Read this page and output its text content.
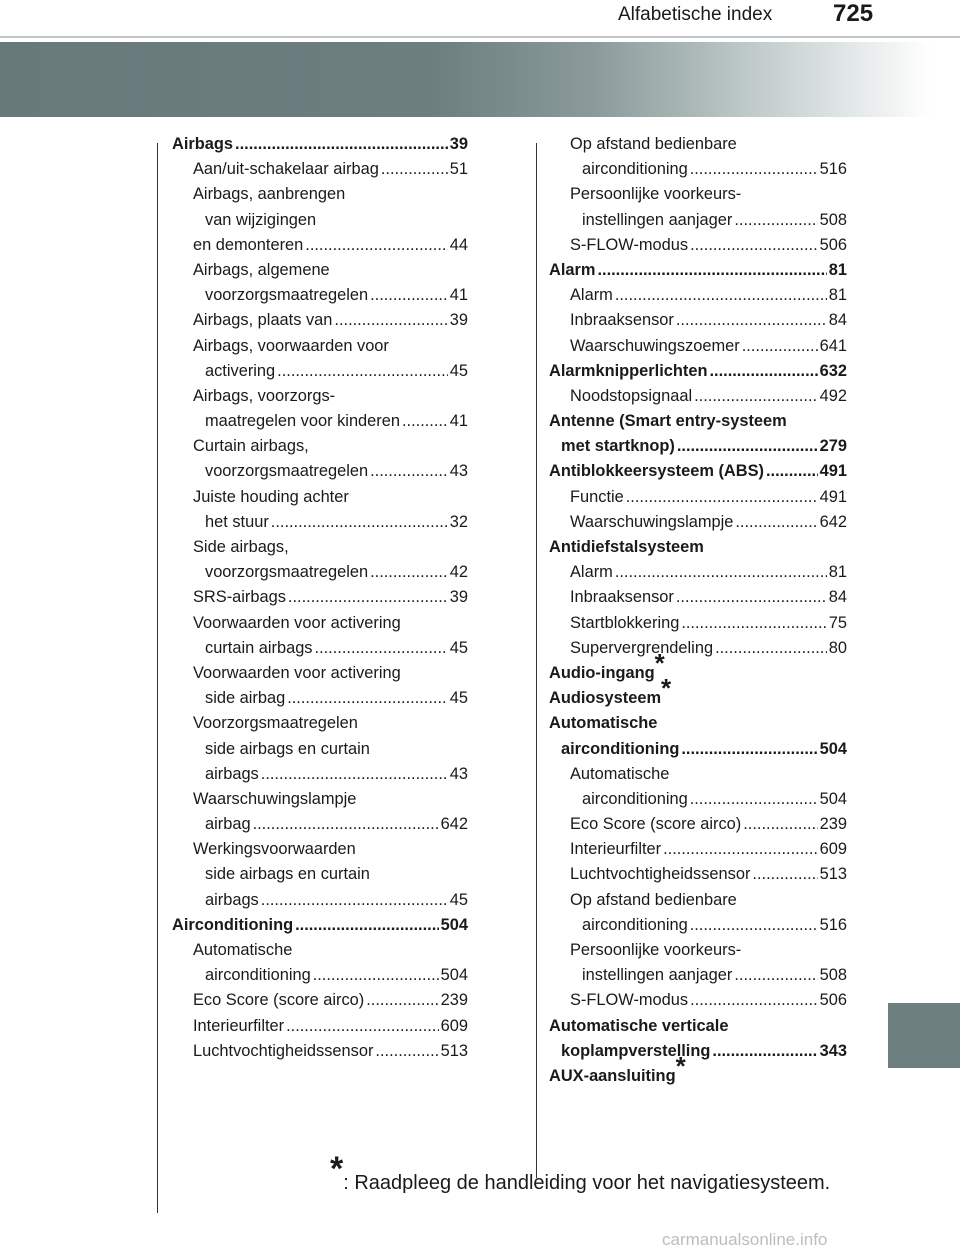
Alfabetische index	725
Airbags .....	39
Aan/uit-schakelaar airbag .....	51
Airbags, aanbrengen
van wijzigingen
en demonteren .....	44
Airbags, algemene
voorzorgsmaatregelen .....	41
Airbags, plaats van .....	39
Airbags, voorwaarden voor
activering .....	45
Airbags, voorzorgs-
maatregelen voor kinderen .....	41
Curtain airbags,
voorzorgsmaatregelen .....	43
Juiste houding achter
het stuur .....	32
Side airbags,
voorzorgsmaatregelen .....	42
SRS-airbags .....	39
Voorwaarden voor activering
curtain airbags .....	45
Voorwaarden voor activering
side airbag .....	45
Voorzorgsmaatregelen
side airbags en curtain
airbags .....	43
Waarschuwingslampje
airbag .....	642
Werkingsvoorwaarden
side airbags en curtain
airbags .....	45
Airconditioning .....	504
Automatische
airconditioning .....	504
Eco Score (score airco) .....	239
Interieurfilter .....	609
Luchtvochtigheidssensor .....	513
Op afstand bedienbare
airconditioning .....	516
Persoonlijke voorkeurs-
instellingen aanjager .....	508
S-FLOW-modus .....	506
Alarm .....	81
Alarm .....	81
Inbraaksensor .....	84
Waarschuwingszoemer .....	641
Alarmknipperlichten .....	632
Noodstopsignaal .....	492
Antenne (Smart entry-systeem
met startknop) .....	279
Antiblokkeersysteem (ABS) .....	491
Functie .....	491
Waarschuwingslampje .....	642
Antidiefstalsysteem
Alarm .....	81
Inbraaksensor .....	84
Startblokkering .....	75
Supervergrendeling .....	80
Audio-ingang *
Audiosysteem *
Automatische
airconditioning .....	504
Automatische
airconditioning .....	504
Eco Score (score airco) .....	239
Interieurfilter .....	609
Luchtvochtigheidssensor .....	513
Op afstand bedienbare
airconditioning .....	516
Persoonlijke voorkeurs-
instellingen aanjager .....	508
S-FLOW-modus .....	506
Automatische verticale
koplampverstelling .....	343
AUX-aansluiting *
*: Raadpleeg de handleiding voor het navigatiesysteem.
carmanualsonline.info
